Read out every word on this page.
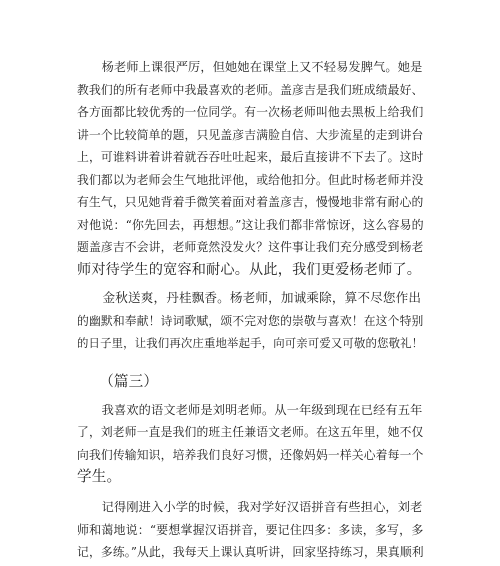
　　杨老师上课很严厉，但她她在课堂上又不轻易发脾气。她是
教我们的所有老师中我最喜欢的老师。盖彦吉是我们班成绩最好、
各方面都比较优秀的一位同学。有一次杨老师叫他去黑板上给我们
讲一个比较简单的题，只见盖彦吉满脸自信、大步流星的走到讲台
上，可谁料讲着讲着就吞吞吐吐起来，最后直接讲不下去了。这时
我们都以为老师会生气地批评他，或给他扣分。但此时杨老师并没
有生气，只见她背着手微笑着面对着盖彦吉，慢慢地非常有耐心的
对他说：“你先回去，再想想。”这让我们都非常惊讶，这么容易的
题盖彦吉不会讲，老师竟然没发火？这件事让我们充分感受到杨老
师对待学生的宽容和耐心。从此，我们更爱杨老师了。
　　金秋送爽，丹桂飘香。杨老师，加诚乘除，算不尽您作出
的幽默和奉献！诗词歌赋，颂不完对您的崇敬与喜欢！在这个特别
的日子里，让我们再次庄重地举起手，向可亲可爱又可敬的您敬礼！
　　（篇三）
　　我喜欢的语文老师是刘明老师。从一年级到现在已经有五年
了，刘老师一直是我们的班主任兼语文老师。在这五年里，她不仅
向我们传输知识，培养我们良好习惯，还像妈妈一样关心着每一个
学生。
　　记得刚进入小学的时候，我对学好汉语拼音有些担心，刘老
师和蔼地说：“要想掌握汉语拼音，要记住四多：多读，多写，多
记，多练。”从此，我每天上课认真听讲，回家坚持练习，果真顺利
